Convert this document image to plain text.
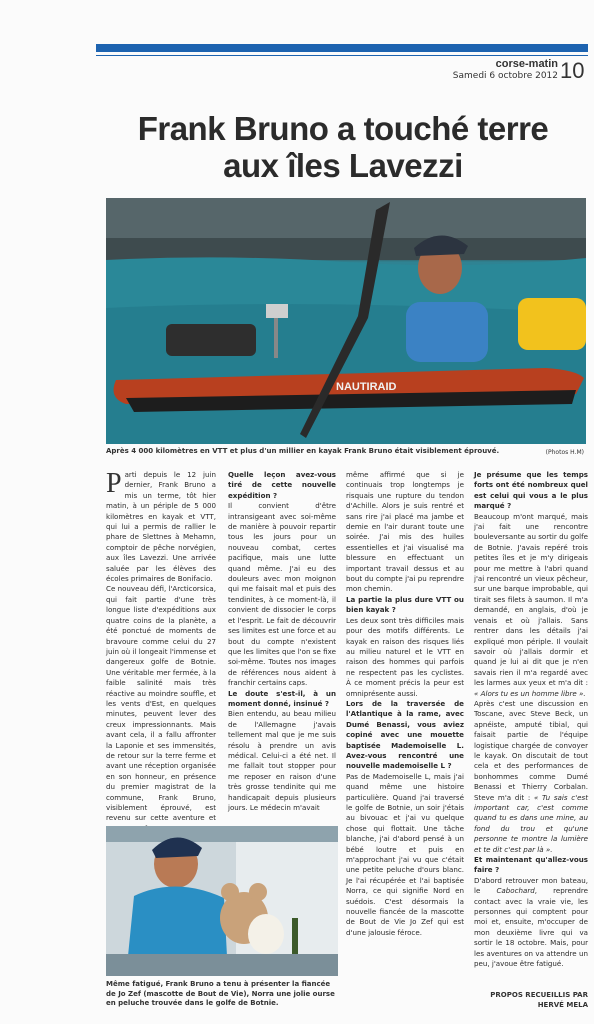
corse-matin
Samedi 6 octobre 2012 10
Frank Bruno a touché terre
aux îles Lavezzi
NAUTIRAID
Après 4 000 kilomètres en VTT et plus d'un millier en kayak Frank Bruno était visiblement éprouvé.	(Photos H.M)

Parti depuis le 12 juin dernier, Frank Bruno a mis un terme, tôt hier matin, à un périple de 5 000 kilomètres en kayak et VTT, qui lui a permis de rallier le phare de Slettnes à Mehamn, comptoir de pêche norvégien, aux îles Lavezzi. Une arrivée saluée par les élèves des écoles primaires de Bonifacio.

Ce nouveau défi, l'Arcticorsica, qui fait partie d'une très longue liste d'expéditions aux quatre coins de la planète, a été ponctué de moments de bravoure comme celui du 27 juin où il longeait l'immense et dangereux golfe de Botnie. Une véritable mer fermée, à la faible salinité mais très réactive au moindre souffle, et les vents d'Est, en quelques minutes, peuvent lever des creux impressionnants. Mais avant cela, il a fallu affronter la Laponie et ses immensités, de retour sur la terre ferme et avant une réception organisée en son honneur, en présence du premier magistrat de la commune, Frank Bruno, visiblement éprouvé, est revenu sur cette aventure et

Quelle leçon avez-vous tiré de cette nouvelle expédition ?

Il convient d'être intransigeant avec soi-même de manière à pouvoir repartir tous les jours pour un nouveau combat, certes pacifique, mais une lutte quand même. J'ai eu des douleurs avec mon moignon qui me faisait mal et puis des tendinites, à ce moment-là, il convient de dissocier le corps et l'esprit. Le fait de découvrir ses limites est une force et au bout du compte n'existent que les limites que l'on se fixe soi-même. Toutes nos images de références nous aident à franchir certains caps.

Le doute s'est-il, à un moment donné, insinué ?

Bien entendu, au beau milieu de l'Allemagne j'avais tellement mal que je me suis résolu à prendre un avis médical. Celui-ci a été net. Il me fallait tout stopper pour me reposer en raison d'une très grosse tendinite qui me handicapait depuis plusieurs jours. Le médecin m'avait

même affirmé que si je continuais trop longtemps je risquais une rupture du tendon d'Achille. Alors je suis rentré et sans rire j'ai placé ma jambe et demie en l'air durant toute une soirée. J'ai mis des huiles essentielles et j'ai visualisé ma blessure en effectuant un important travail dessus et au bout du compte j'ai pu reprendre mon chemin.

La partie la plus dure VTT ou bien kayak ?

Les deux sont très difficiles mais pour des motifs différents. Le kayak en raison des risques liés au milieu naturel et le VTT en raison des hommes qui parfois ne respectent pas les cyclistes. À ce moment précis la peur est omniprésente aussi.

Lors de la traversée de l'Atlantique à la rame, avec Dumé Benassi, vous aviez copiné avec une mouette baptisée Mademoiselle L. Avez-vous rencontré une nouvelle mademoiselle L ?

Pas de Mademoiselle L, mais j'ai quand même une histoire particulière. Quand j'ai traversé le golfe de Botnie, un soir j'étais au bivouac et j'ai vu quelque chose qui flottait. Une tâche blanche, j'ai d'abord pensé à un bébé loutre et puis en m'approchant j'ai vu que c'était une petite peluche d'ours blanc. Je l'ai récupérée et l'ai baptisée Norra, ce qui signifie Nord en suédois. C'est désormais la nouvelle fiancée de la mascotte de Bout de Vie Jo Zef qui est d'une jalousie féroce.

Je présume que les temps forts ont été nombreux quel est celui qui vous a le plus marqué ?

Beaucoup m'ont marqué, mais j'ai fait une rencontre bouleversante au sortir du golfe de Botnie. J'avais repéré trois petites îles et je m'y dirigeais pour me mettre à l'abri quand j'ai rencontré un vieux pêcheur, sur une barque improbable, qui tirait ses filets à saumon. Il m'a demandé, en anglais, d'où je venais et où j'allais. Sans rentrer dans les détails j'ai expliqué mon périple. Il voulait savoir où j'allais dormir et quand je lui ai dit que je n'en savais rien il m'a regardé avec les larmes aux yeux et m'a dit : « Alors tu es un homme libre ».

Après c'est une discussion en Toscane, avec Steve Beck, un apnéiste, amputé tibial, qui faisait partie de l'équipe logistique chargée de convoyer le kayak. On discutait de tout cela et des performances de bonhommes comme Dumé Benassi et Thierry Corbalan. Steve m'a dit : « Tu sais c'est important car, c'est comme quand tu es dans une mine, au fond du trou et qu'une personne te montre la lumière et te dit c'est par là ».

Et maintenant qu'allez-vous faire ?

D'abord retrouver mon bateau, le Cabochard, reprendre contact avec la vraie vie, les personnes qui comptent pour moi et, ensuite, m'occuper de mon deuxième livre qui va sortir le 18 octobre. Mais, pour les aventures on va attendre un peu, j'avoue être fatigué.

Même fatigué, Frank Bruno a tenu à présenter la fiancée de Jo Zef (mascotte de Bout de Vie), Norra une jolie ourse en peluche trouvée dans le golfe de Botnie.
PROPOS RECUEILLIS PAR
HERVÉ MELA
